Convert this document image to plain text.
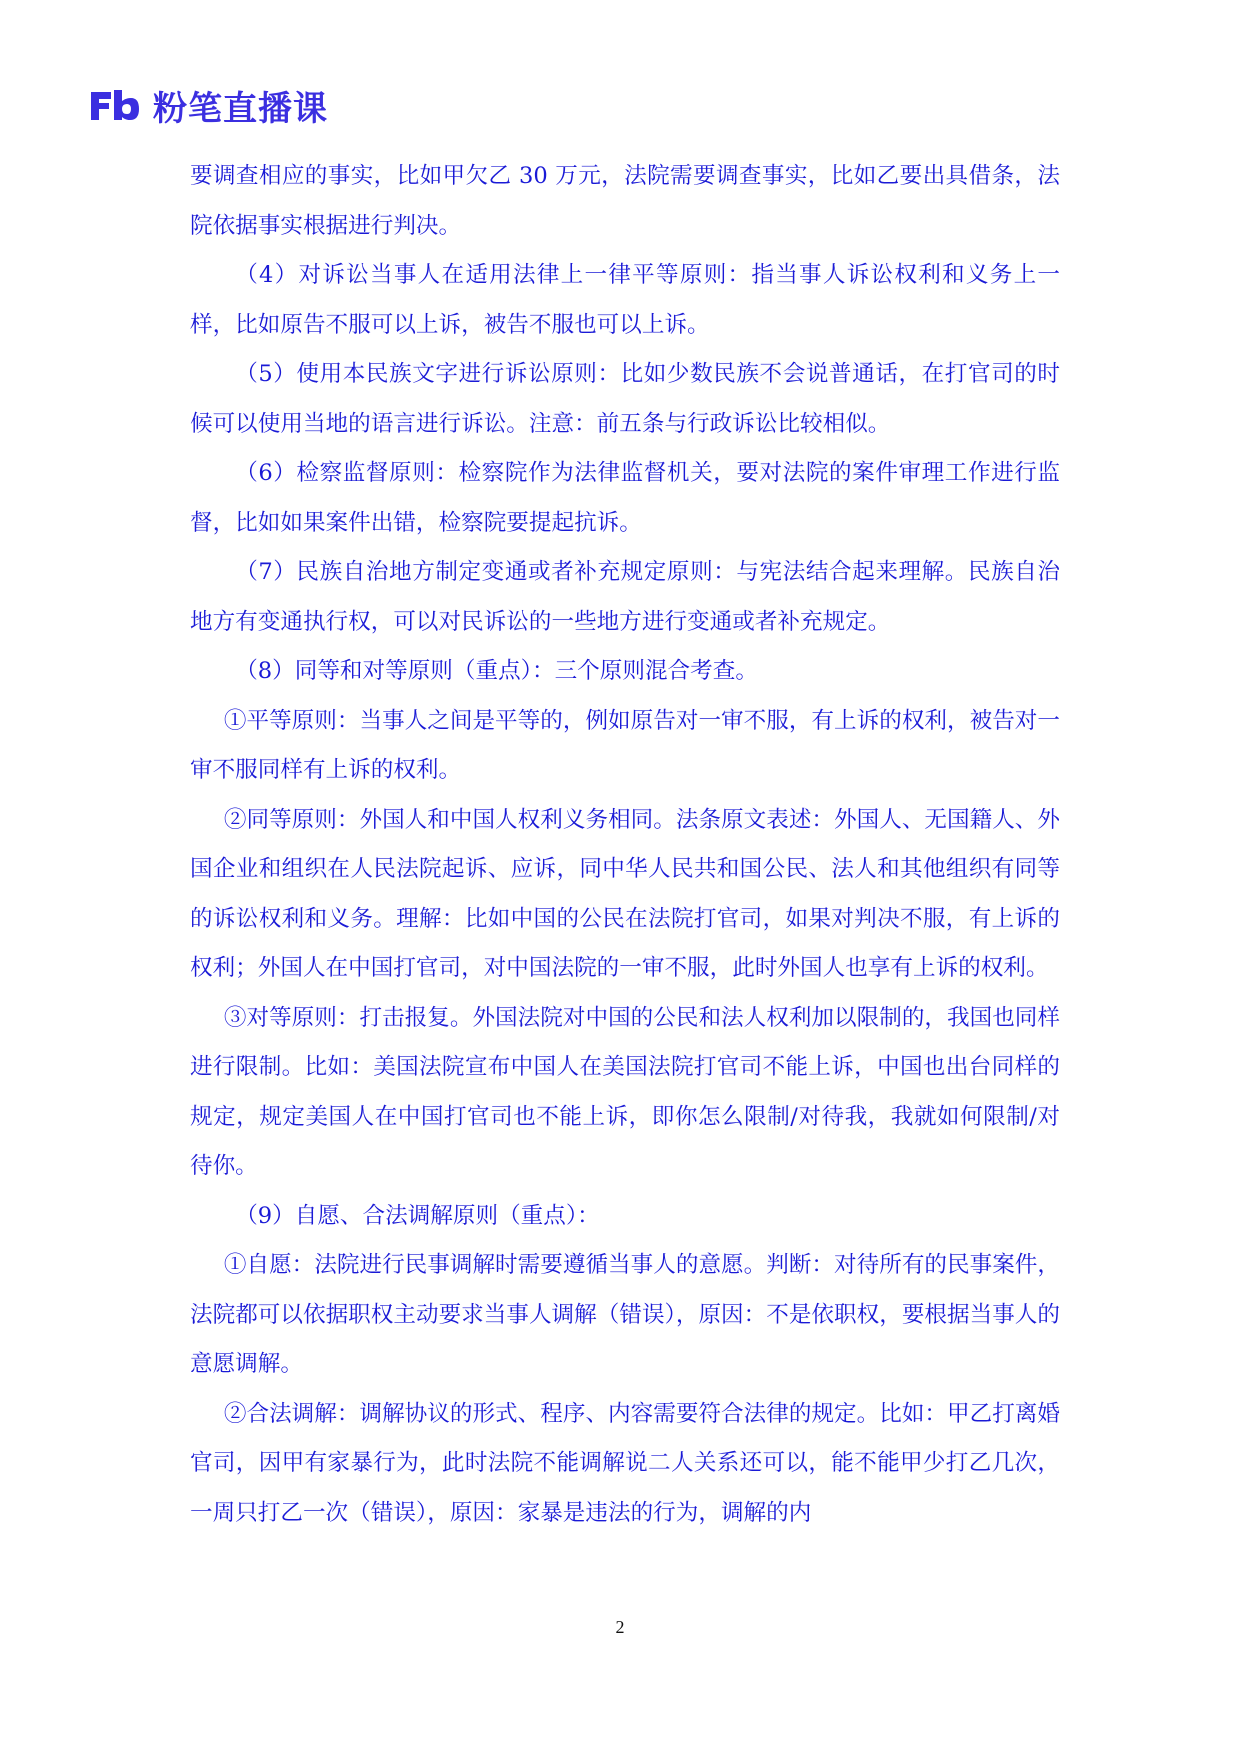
粉笔直播课

要调查相应的事实，比如甲欠乙 30 万元，法院需要调查事实，比如乙要出具借条，法院依据事实根据进行判决。

（4）对诉讼当事人在适用法律上一律平等原则：指当事人诉讼权利和义务上一样，比如原告不服可以上诉，被告不服也可以上诉。

（5）使用本民族文字进行诉讼原则：比如少数民族不会说普通话，在打官司的时候可以使用当地的语言进行诉讼。注意：前五条与行政诉讼比较相似。

（6）检察监督原则：检察院作为法律监督机关，要对法院的案件审理工作进行监督，比如如果案件出错，检察院要提起抗诉。

（7）民族自治地方制定变通或者补充规定原则：与宪法结合起来理解。民族自治地方有变通执行权，可以对民诉讼的一些地方进行变通或者补充规定。

（8）同等和对等原则（重点）：三个原则混合考查。

①平等原则：当事人之间是平等的，例如原告对一审不服，有上诉的权利，被告对一审不服同样有上诉的权利。

②同等原则：外国人和中国人权利义务相同。法条原文表述：外国人、无国籍人、外国企业和组织在人民法院起诉、应诉，同中华人民共和国公民、法人和其他组织有同等的诉讼权利和义务。理解：比如中国的公民在法院打官司，如果对判决不服，有上诉的权利；外国人在中国打官司，对中国法院的一审不服，此时外国人也享有上诉的权利。

③对等原则：打击报复。外国法院对中国的公民和法人权利加以限制的，我国也同样进行限制。比如：美国法院宣布中国人在美国法院打官司不能上诉，中国也出台同样的规定，规定美国人在中国打官司也不能上诉，即你怎么限制/对待我，我就如何限制/对待你。

（9）自愿、合法调解原则（重点）：

①自愿：法院进行民事调解时需要遵循当事人的意愿。判断：对待所有的民事案件，法院都可以依据职权主动要求当事人调解（错误），原因：不是依职权，要根据当事人的意愿调解。

②合法调解：调解协议的形式、程序、内容需要符合法律的规定。比如：甲乙打离婚官司，因甲有家暴行为，此时法院不能调解说二人关系还可以，能不能甲少打乙几次，一周只打乙一次（错误），原因：家暴是违法的行为，调解的内

2
